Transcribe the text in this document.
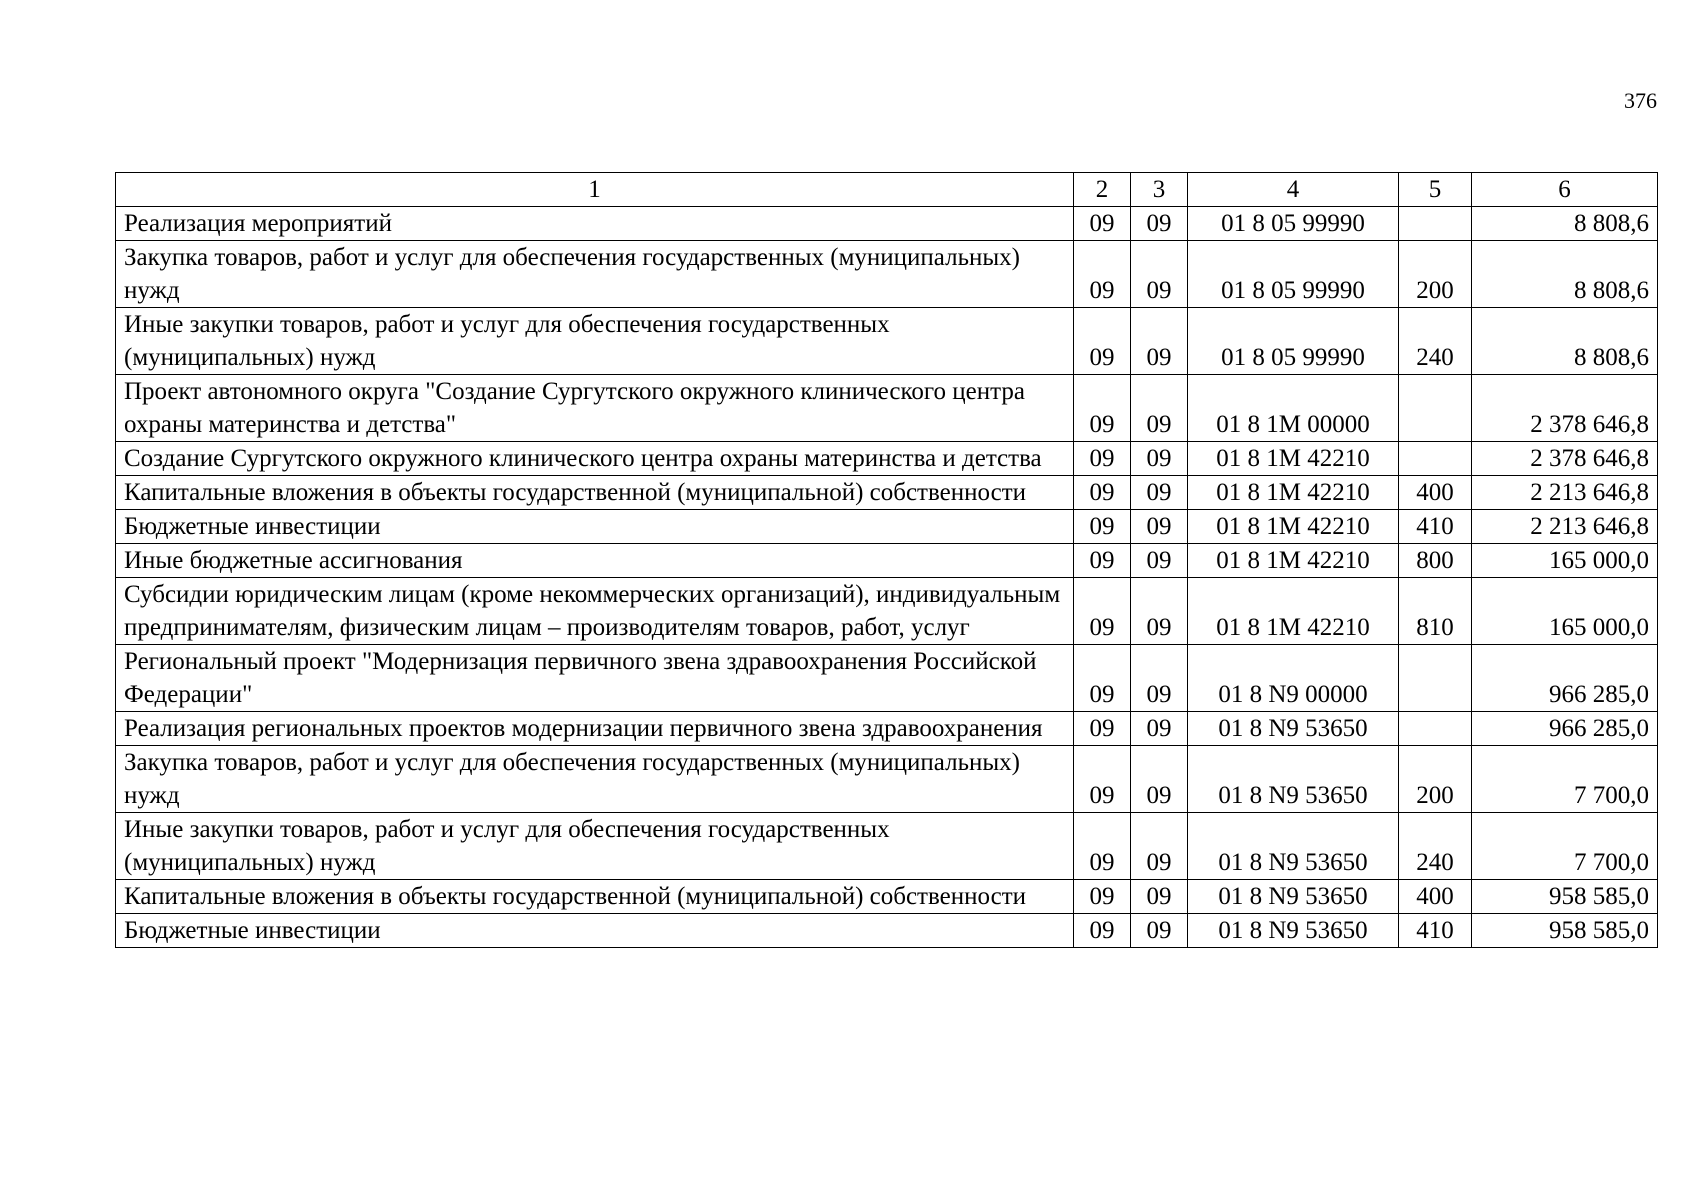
376
1	2	3	4	5	6
Реализация мероприятий	09	09	01 8 05 99990		8 808,6
Закупка товаров, работ и услуг для обеспечения государственных (муниципальных) нужд	09	09	01 8 05 99990	200	8 808,6
Иные закупки товаров, работ и услуг для обеспечения государственных (муниципальных) нужд	09	09	01 8 05 99990	240	8 808,6
Проект автономного округа "Создание Сургутского окружного клинического центра охраны материнства и детства"	09	09	01 8 1М 00000		2 378 646,8
Создание Сургутского окружного клинического центра охраны материнства и детства	09	09	01 8 1М 42210		2 378 646,8
Капитальные вложения в объекты государственной (муниципальной) собственности	09	09	01 8 1М 42210	400	2 213 646,8
Бюджетные инвестиции	09	09	01 8 1М 42210	410	2 213 646,8
Иные бюджетные ассигнования	09	09	01 8 1М 42210	800	165 000,0
Субсидии юридическим лицам (кроме некоммерческих организаций), индивидуальным предпринимателям, физическим лицам – производителям товаров, работ, услуг	09	09	01 8 1М 42210	810	165 000,0
Региональный проект "Модернизация первичного звена здравоохранения Российской Федерации"	09	09	01 8 N9 00000		966 285,0
Реализация региональных проектов модернизации первичного звена здравоохранения	09	09	01 8 N9 53650		966 285,0
Закупка товаров, работ и услуг для обеспечения государственных (муниципальных) нужд	09	09	01 8 N9 53650	200	7 700,0
Иные закупки товаров, работ и услуг для обеспечения государственных (муниципальных) нужд	09	09	01 8 N9 53650	240	7 700,0
Капитальные вложения в объекты государственной (муниципальной) собственности	09	09	01 8 N9 53650	400	958 585,0
Бюджетные инвестиции	09	09	01 8 N9 53650	410	958 585,0
